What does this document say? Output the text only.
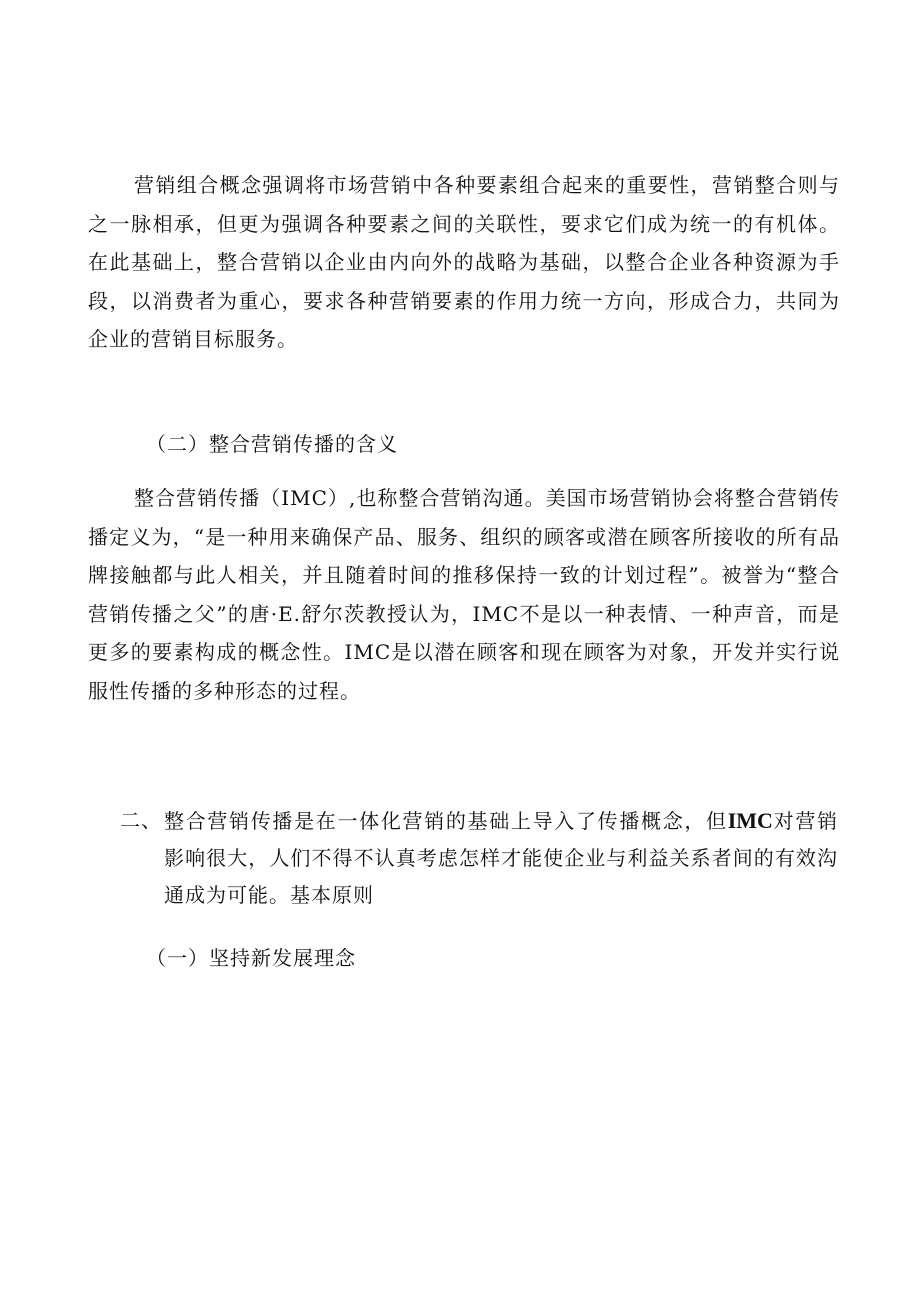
营销组合概念强调将市场营销中各种要素组合起来的重要性，营销整合则与之一脉相承，但更为强调各种要素之间的关联性，要求它们成为统一的有机体。在此基础上，整合营销以企业由内向外的战略为基础，以整合企业各种资源为手段，以消费者为重心，要求各种营销要素的作用力统一方向，形成合力，共同为企业的营销目标服务。

（二）整合营销传播的含义

整合营销传播（IMC）,也称整合营销沟通。美国市场营销协会将整合营销传播定义为，“是一种用来确保产品、服务、组织的顾客或潜在顾客所接收的所有品牌接触都与此人相关，并且随着时间的推移保持一致的计划过程”。被誉为“整合营销传播之父”的唐·E.舒尔茨教授认为，IMC不是以一种表情、一种声音，而是更多的要素构成的概念性。IMC是以潜在顾客和现在顾客为对象，开发并实行说服性传播的多种形态的过程。

二、 整合营销传播是在一体化营销的基础上导入了传播概念，但IMC对营销影响很大，人们不得不认真考虑怎样才能使企业与利益关系者间的有效沟通成为可能。基本原则

（一）坚持新发展理念
